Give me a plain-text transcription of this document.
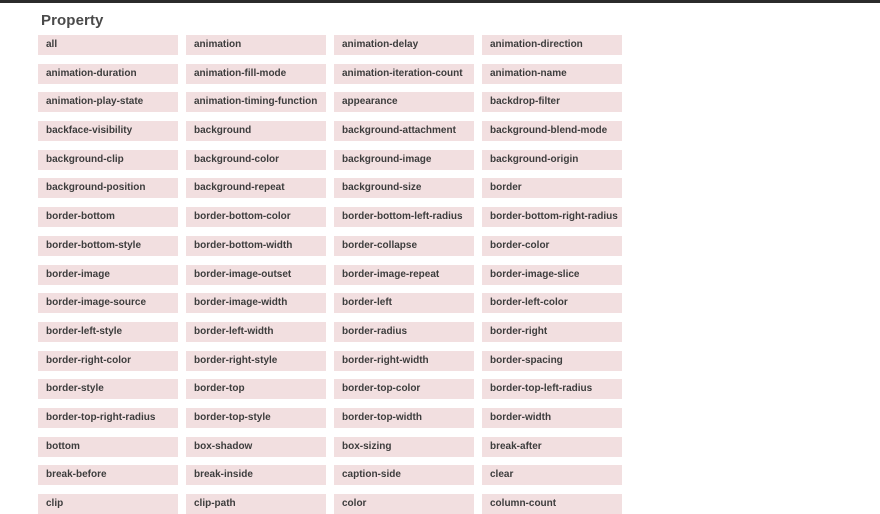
Property
all	animation	animation-delay	animation-direction
animation-duration	animation-fill-mode	animation-iteration-count	animation-name
animation-play-state	animation-timing-function	appearance	backdrop-filter
backface-visibility	background	background-attachment	background-blend-mode
background-clip	background-color	background-image	background-origin
background-position	background-repeat	background-size	border
border-bottom	border-bottom-color	border-bottom-left-radius	border-bottom-right-radius
border-bottom-style	border-bottom-width	border-collapse	border-color
border-image	border-image-outset	border-image-repeat	border-image-slice
border-image-source	border-image-width	border-left	border-left-color
border-left-style	border-left-width	border-radius	border-right
border-right-color	border-right-style	border-right-width	border-spacing
border-style	border-top	border-top-color	border-top-left-radius
border-top-right-radius	border-top-style	border-top-width	border-width
bottom	box-shadow	box-sizing	break-after
break-before	break-inside	caption-side	clear
clip	clip-path	color	column-count
